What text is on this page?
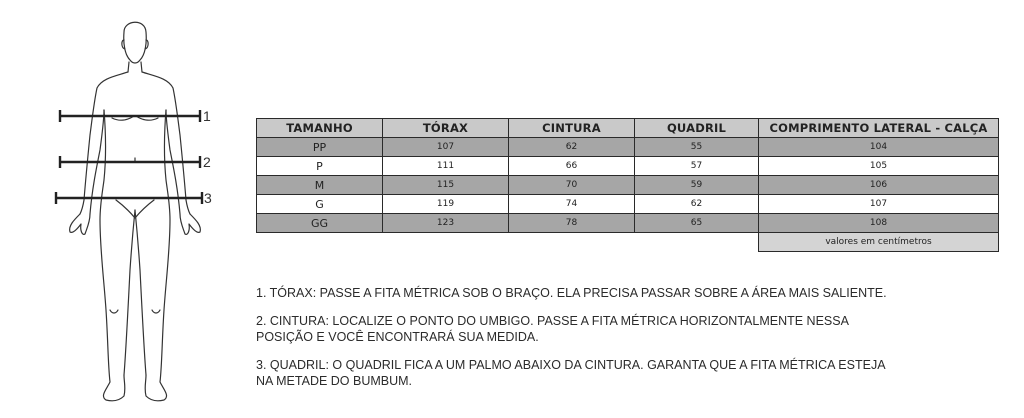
1
2
3
TAMANHO	TÓRAX	CINTURA	QUADRIL	COMPRIMENTO LATERAL - CALÇA
PP	107	62	55	104
P	111	66	57	105
M	115	70	59	106
G	119	74	62	107
GG	123	78	65	108
				valores em centímetros

1. TÓRAX: PASSE A FITA MÉTRICA SOB O BRAÇO. ELA PRECISA PASSAR SOBRE A ÁREA MAIS SALIENTE.

2. CINTURA: LOCALIZE O PONTO DO UMBIGO. PASSE A FITA MÉTRICA HORIZONTALMENTE NESSA POSIÇÃO E VOCÊ ENCONTRARÁ SUA MEDIDA.

3. QUADRIL: O QUADRIL FICA A UM PALMO ABAIXO DA CINTURA. GARANTA QUE A FITA MÉTRICA ESTEJA NA METADE DO BUMBUM.
